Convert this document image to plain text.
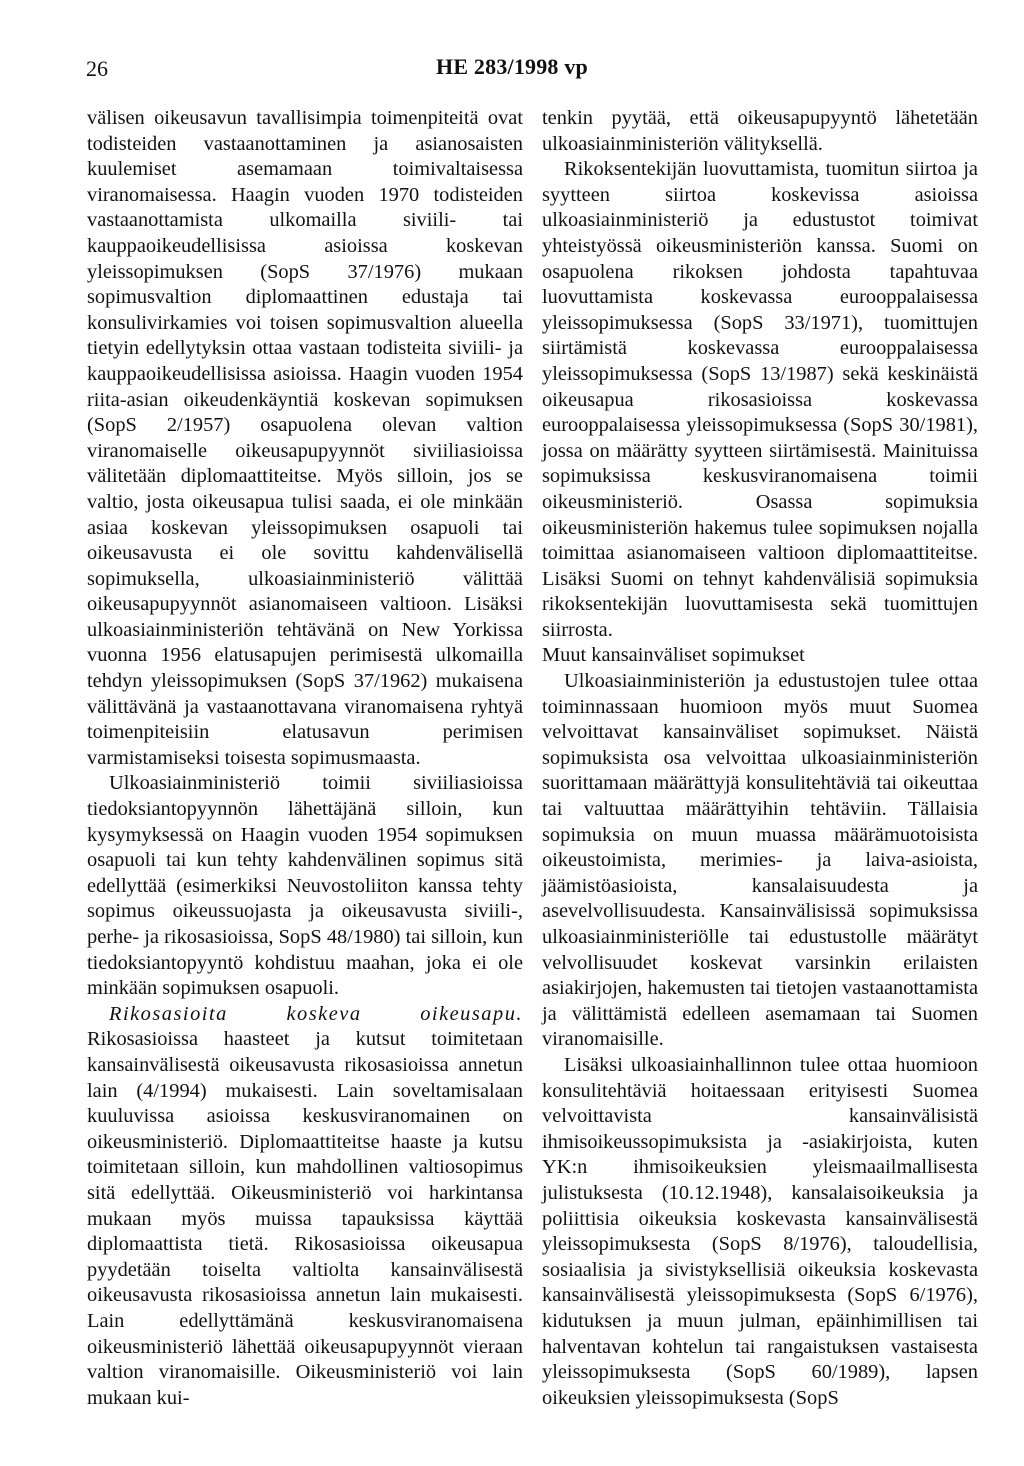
26	HE 283/1998 vp

välisen oikeusavun tavallisimpia toimenpiteitä ovat todisteiden vastaanottaminen ja asianosaisten kuulemiset asemamaan toimivaltaisessa viranomaisessa. Haagin vuoden 1970 todisteiden vastaanottamista ulkomailla siviili- tai kauppaoikeudellisissa asioissa koskevan yleissopimuksen (SopS 37/1976) mukaan sopimusvaltion diplomaattinen edustaja tai konsulivirkamies voi toisen sopimusvaltion alueella tietyin edellytyksin ottaa vastaan todisteita siviili- ja kauppaoikeudellisissa asioissa. Haagin vuoden 1954 riita-asian oikeudenkäyntiä koskevan sopimuksen (SopS 2/1957) osapuolena olevan valtion viranomaiselle oikeusapupyynnöt siviiliasioissa välitetään diplomaattiteitse. Myös silloin, jos se valtio, josta oikeusapua tulisi saada, ei ole minkään asiaa koskevan yleissopimuksen osapuoli tai oikeusavusta ei ole sovittu kahdenvälisellä sopimuksella, ulkoasiainministeriö välittää oikeusapupyynnöt asianomaiseen valtioon. Lisäksi ulkoasiainministeriön tehtävänä on New Yorkissa vuonna 1956 elatusapujen perimisestä ulkomailla tehdyn yleissopimuksen (SopS 37/1962) mukaisena välittävänä ja vastaanottavana viranomaisena ryhtyä toimenpiteisiin elatusavun perimisen varmistamiseksi toisesta sopimusmaasta.

Ulkoasiainministeriö toimii siviiliasioissa tiedoksiantopyynnön lähettäjänä silloin, kun kysymyksessä on Haagin vuoden 1954 sopimuksen osapuoli tai kun tehty kahdenvälinen sopimus sitä edellyttää (esimerkiksi Neuvostoliiton kanssa tehty sopimus oikeussuojasta ja oikeusavusta siviili-, perhe- ja rikosasioissa, SopS 48/1980) tai silloin, kun tiedoksiantopyyntö kohdistuu maahan, joka ei ole minkään sopimuksen osapuoli.

Rikosasioita koskeva oikeusapu. Rikosasioissa haasteet ja kutsut toimitetaan kansainvälisestä oikeusavusta rikosasioissa annetun lain (4/1994) mukaisesti. Lain soveltamisalaan kuuluvissa asioissa keskusviranomainen on oikeusministeriö. Diplomaattiteitse haaste ja kutsu toimitetaan silloin, kun mahdollinen valtiosopimus sitä edellyttää. Oikeusministeriö voi harkintansa mukaan myös muissa tapauksissa käyttää diplomaattista tietä. Rikosasioissa oikeusapua pyydetään toiselta valtiolta kansainvälisestä oikeusavusta rikosasioissa annetun lain mukaisesti. Lain edellyttämänä keskusviranomaisena oikeusministeriö lähettää oikeusapupyynnöt vieraan valtion viranomaisille. Oikeusministeriö voi lain mukaan kui-

tenkin pyytää, että oikeusapupyyntö lähetetään ulkoasiainministeriön välityksellä.

Rikoksentekijän luovuttamista, tuomitun siirtoa ja syytteen siirtoa koskevissa asioissa ulkoasiainministeriö ja edustustot toimivat yhteistyössä oikeusministeriön kanssa. Suomi on osapuolena rikoksen johdosta tapahtuvaa luovuttamista koskevassa eurooppalaisessa yleissopimuksessa (SopS 33/1971), tuomittujen siirtämistä koskevassa eurooppalaisessa yleissopimuksessa (SopS 13/1987) sekä keskinäistä oikeusapua rikosasioissa koskevassa eurooppalaisessa yleissopimuksessa (SopS 30/1981), jossa on määrätty syytteen siirtämisestä. Mainituissa sopimuksissa keskusviranomaisena toimii oikeusministeriö. Osassa sopimuksia oikeusministeriön hakemus tulee sopimuksen nojalla toimittaa asianomaiseen valtioon diplomaattiteitse. Lisäksi Suomi on tehnyt kahdenvälisiä sopimuksia rikoksentekijän luovuttamisesta sekä tuomittujen siirrosta.

Muut kansainväliset sopimukset

Ulkoasiainministeriön ja edustustojen tulee ottaa toiminnassaan huomioon myös muut Suomea velvoittavat kansainväliset sopimukset. Näistä sopimuksista osa velvoittaa ulkoasiainministeriön suorittamaan määrättyjä konsulitehtäviä tai oikeuttaa tai valtuuttaa määrättyihin tehtäviin. Tällaisia sopimuksia on muun muassa määrämuotoisista oikeustoimista, merimies- ja laiva-asioista, jäämistöasioista, kansalaisuudesta ja asevelvollisuudesta. Kansainvälisissä sopimuksissa ulkoasiainministeriölle tai edustustolle määrätyt velvollisuudet koskevat varsinkin erilaisten asiakirjojen, hakemusten tai tietojen vastaanottamista ja välittämistä edelleen asemamaan tai Suomen viranomaisille.

Lisäksi ulkoasiainhallinnon tulee ottaa huomioon konsulitehtäviä hoitaessaan erityisesti Suomea velvoittavista kansainvälisistä ihmisoikeussopimuksista ja -asiakirjoista, kuten YK:n ihmisoikeuksien yleismaailmallisesta julistuksesta (10.12.1948), kansalaisoikeuksia ja poliittisia oikeuksia koskevasta kansainvälisestä yleissopimuksesta (SopS 8/1976), taloudellisia, sosiaalisia ja sivistyksellisiä oikeuksia koskevasta kansainvälisestä yleissopimuksesta (SopS 6/1976), kidutuksen ja muun julman, epäinhimillisen tai halventavan kohtelun tai rangaistuksen vastaisesta yleissopimuksesta (SopS 60/1989), lapsen oikeuksien yleissopimuksesta (SopS
